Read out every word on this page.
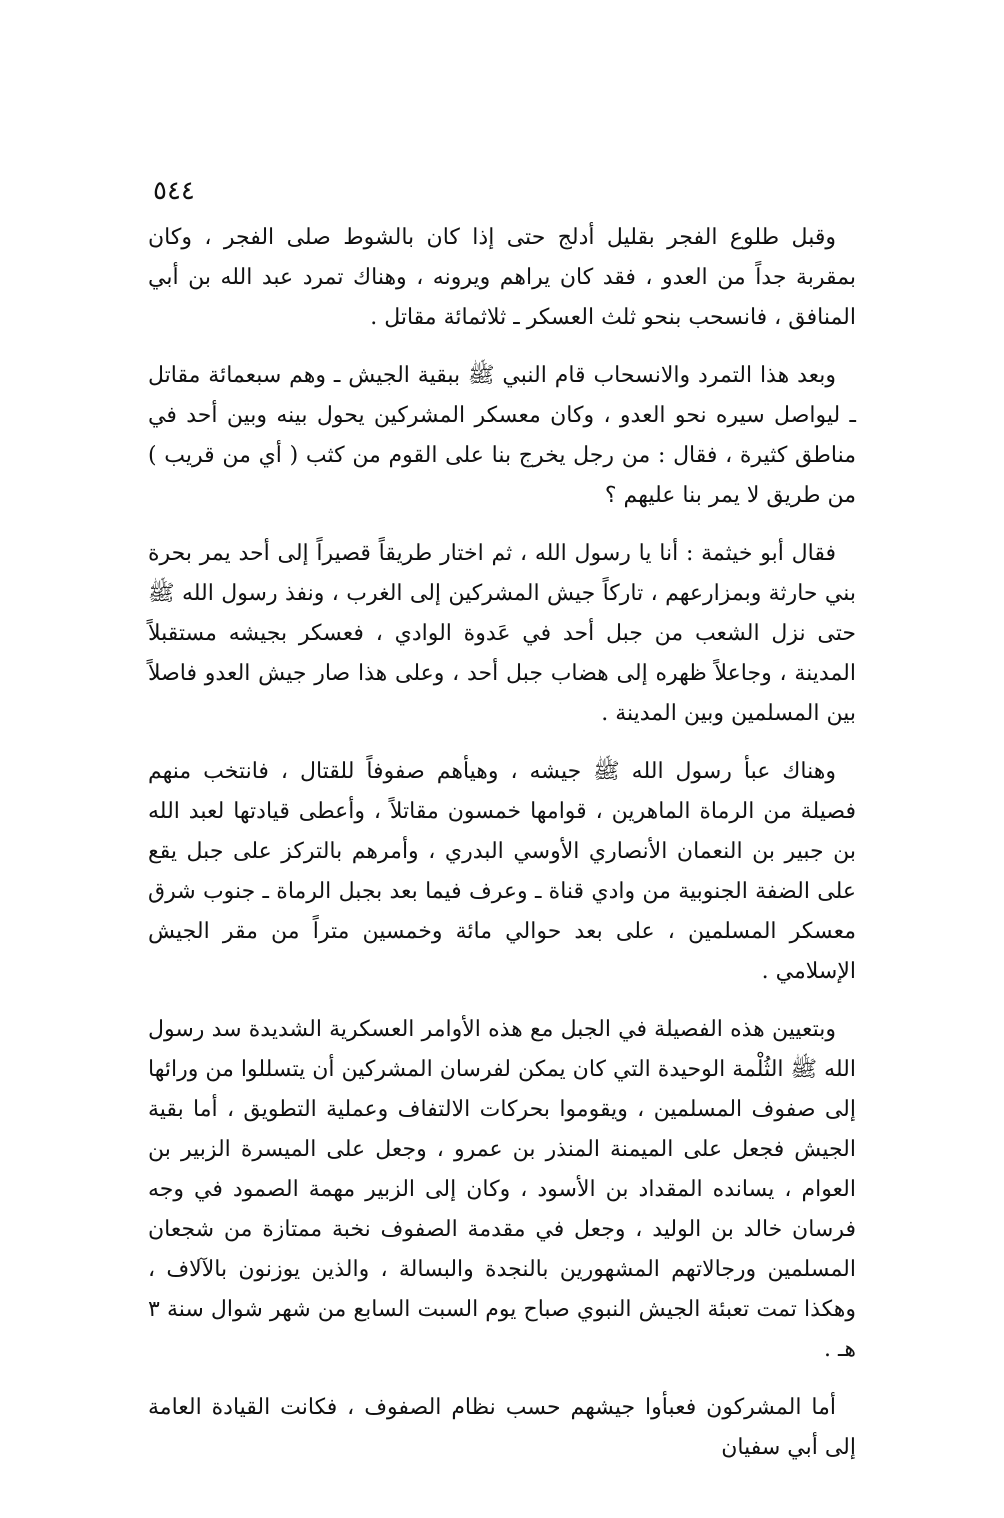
٥٤٤

وقبل طلوع الفجر بقليل أدلج حتى إذا كان بالشوط صلى الفجر ، وكان بمقربة جداً من العدو ، فقد كان يراهم ويرونه ، وهناك تمرد عبد الله بن أبي المنافق ، فانسحب بنحو ثلث العسكر ـ ثلاثمائة مقاتل .

وبعد هذا التمرد والانسحاب قام النبي ﷺ ببقية الجيش ـ وهم سبعمائة مقاتل ـ ليواصل سيره نحو العدو ، وكان معسكر المشركين يحول بينه وبين أحد في مناطق كثيرة ، فقال : من رجل يخرج بنا على القوم من كثب ( أي من قريب ) من طريق لا يمر بنا عليهم ؟

فقال أبو خيثمة : أنا يا رسول الله ، ثم اختار طريقاً قصيراً إلى أحد يمر بحرة بني حارثة وبمزارعهم ، تاركاً جيش المشركين إلى الغرب ، ونفذ رسول الله ﷺ حتى نزل الشعب من جبل أحد في عَدوة الوادي ، فعسكر بجيشه مستقبلاً المدينة ، وجاعلاً ظهره إلى هضاب جبل أحد ، وعلى هذا صار جيش العدو فاصلاً بين المسلمين وبين المدينة .

وهناك عبأ رسول الله ﷺ جيشه ، وهيأهم صفوفاً للقتال ، فانتخب منهم فصيلة من الرماة الماهرين ، قوامها خمسون مقاتلاً ، وأعطى قيادتها لعبد الله بن جبير بن النعمان الأنصاري الأوسي البدري ، وأمرهم بالتركز على جبل يقع على الضفة الجنوبية من وادي قناة ـ وعرف فيما بعد بجبل الرماة ـ جنوب شرق معسكر المسلمين ، على بعد حوالي مائة وخمسين متراً من مقر الجيش الإسلامي .

وبتعيين هذه الفصيلة في الجبل مع هذه الأوامر العسكرية الشديدة سد رسول الله ﷺ الثُلْمة الوحيدة التي كان يمكن لفرسان المشركين أن يتسللوا من ورائها إلى صفوف المسلمين ، ويقوموا بحركات الالتفاف وعملية التطويق ، أما بقية الجيش فجعل على الميمنة المنذر بن عمرو ، وجعل على الميسرة الزبير بن العوام ، يسانده المقداد بن الأسود ، وكان إلى الزبير مهمة الصمود في وجه فرسان خالد بن الوليد ، وجعل في مقدمة الصفوف نخبة ممتازة من شجعان المسلمين ورجالاتهم المشهورين بالنجدة والبسالة ، والذين يوزنون بالآلاف ، وهكذا تمت تعبئة الجيش النبوي صباح يوم السبت السابع من شهر شوال سنة ٣ هـ .

أما المشركون فعبأوا جيشهم حسب نظام الصفوف ، فكانت القيادة العامة إلى أبي سفيان
